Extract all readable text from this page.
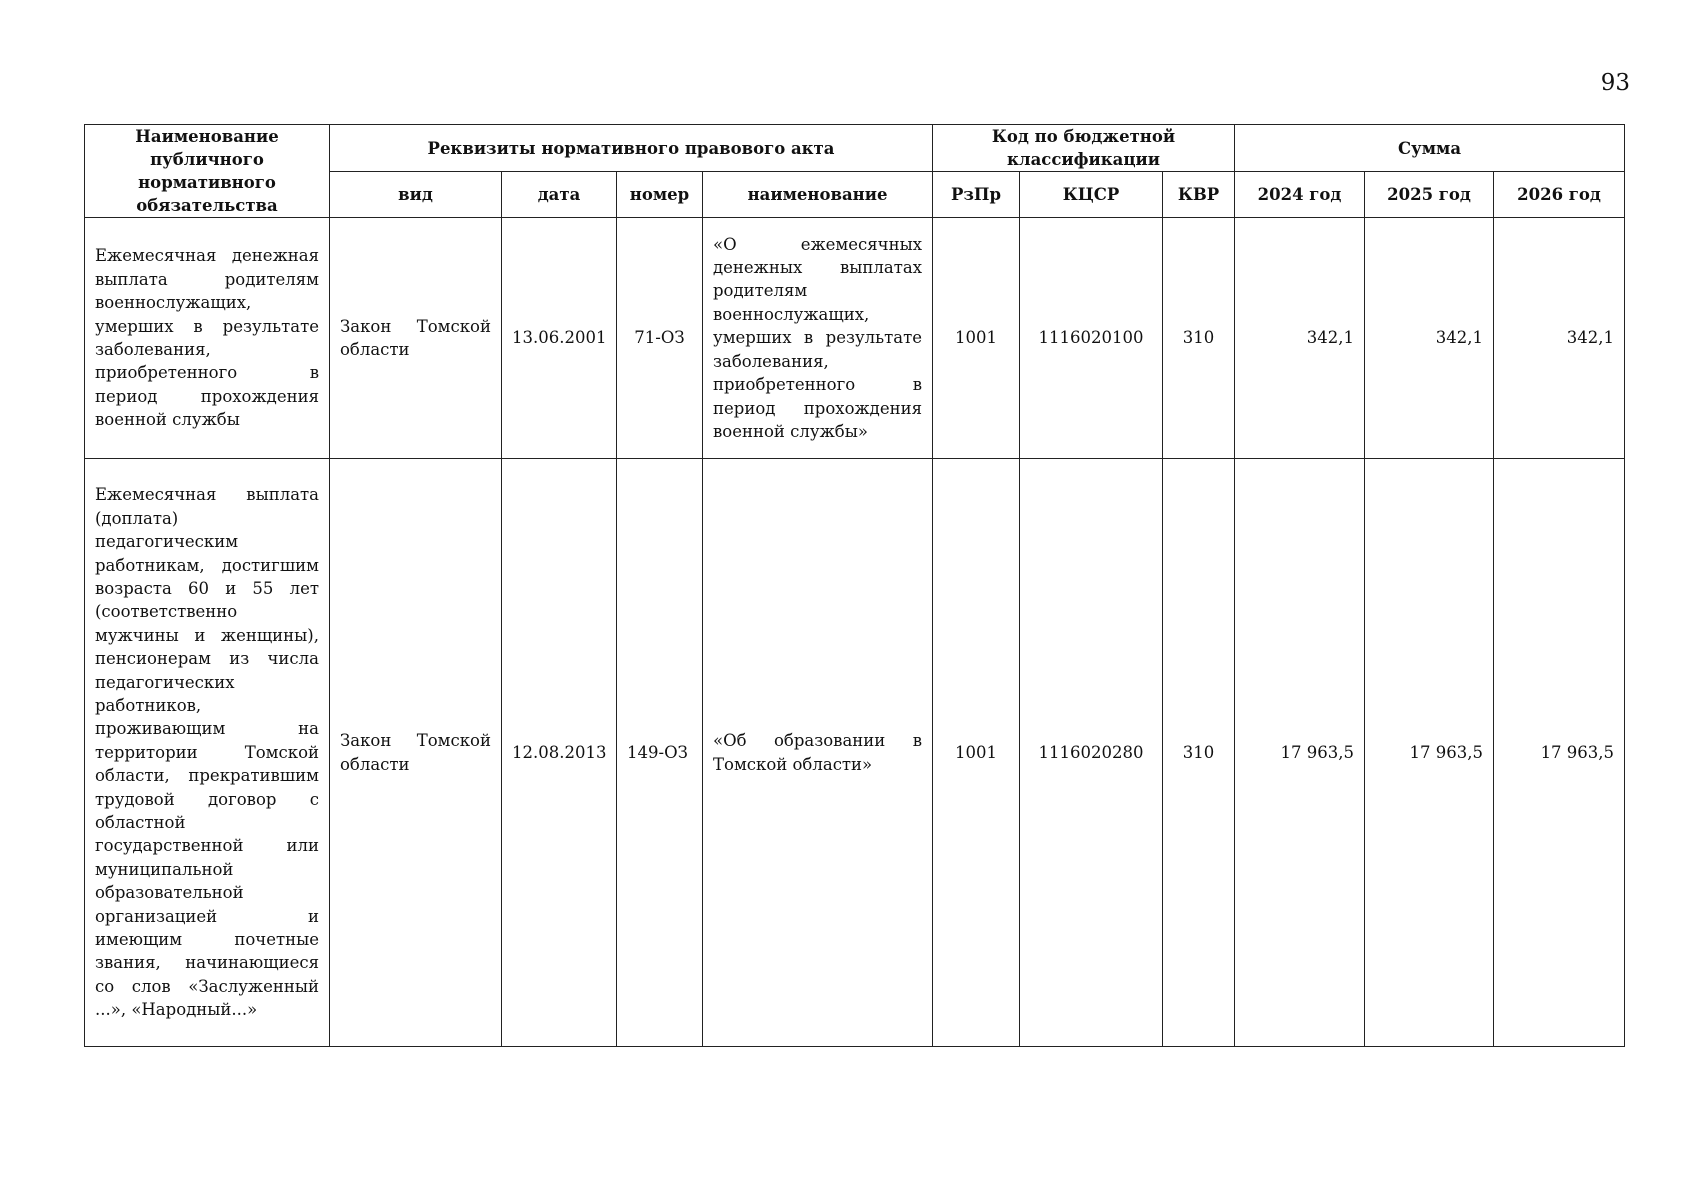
93
Наименование публичного нормативного обязательства	Реквизиты нормативного правового акта				Код по бюджетной классификации			Сумма		
	вид	дата	номер	наименование	РзПр	КЦСР	КВР	2024 год	2025 год	2026 год
Ежемесячная денежная выплата родителям военнослужащих, умерших в результате заболевания, приобретенного в период прохождения военной службы	Закон Томской области	13.06.2001	71-ОЗ	«О ежемесячных денежных выплатах родителям военнослужащих, умерших в результате заболевания, приобретенного в период прохождения военной службы»	1001	1116020100	310	342,1	342,1	342,1
Ежемесячная выплата (доплата) педагогическим работникам, достигшим возраста 60 и 55 лет (соответственно мужчины и женщины), пенсионерам из числа педагогических работников, проживающим на территории Томской области, прекратившим трудовой договор с областной государственной или муниципальной образовательной организацией и имеющим почетные звания, начинающиеся со слов «Заслуженный ...», «Народный...»	Закон Томской области	12.08.2013	149-ОЗ	«Об образовании в Томской области»	1001	1116020280	310	17 963,5	17 963,5	17 963,5
